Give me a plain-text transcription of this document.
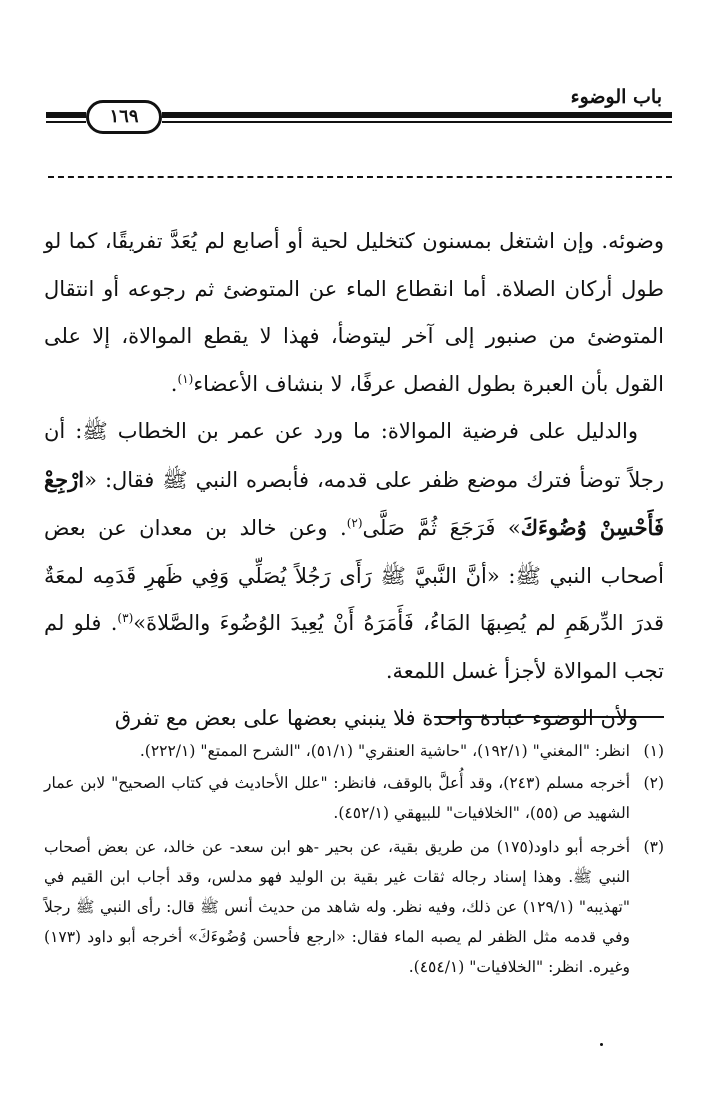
باب الوضوء
١٦٩

وضوئه. وإن اشتغل بمسنون كتخليل لحية أو أصابع لم يُعَدَّ تفريقًا، كما لو طول أركان الصلاة. أما انقطاع الماء عن المتوضئ ثم رجوعه أو انتقال المتوضئ من صنبور إلى آخر ليتوضأ، فهذا لا يقطع الموالاة، إلا على القول بأن العبرة بطول الفصل عرفًا، لا بنشاف الأعضاء$^{(١)}$.

والدليل على فرضية الموالاة: ما ورد عن عمر بن الخطاب ﷺ: أن رجلاً توضأ فترك موضع ظفر على قدمه، فأبصره النبي ﷺ فقال: «ارْجِعْ فَأَحْسِنْ وُضُوءَكَ» فَرَجَعَ ثُمَّ صَلَّى$^{(٢)}$. وعن خالد بن معدان عن بعض أصحاب النبي ﷺ: «أنَّ النَّبيَّ ﷺ رَأَى رَجُلاً يُصَلِّي وَفِي ظَهرِ قَدَمِه لمعَةٌ قدرَ الدِّرهَمِ لم يُصِبهَا المَاءُ، فَأَمَرَهُ أَنْ يُعِيدَ الوُضُوءَ والصَّلاةَ»$^{(٣)}$. فلو لم تجب الموالاة لأجزأ غسل اللمعة.

ولأن الوضوء عبادة واحدة فلا ينبني بعضها على بعض مع تفرق

(١)
انظر: "المغني" (١٩٢/١)، "حاشية العنقري" (٥١/١)، "الشرح الممتع" (٢٢٢/١).
(٢)
أخرجه مسلم (٢٤٣)، وقد أُعلَّ بالوقف، فانظر: "علل الأحاديث في كتاب الصحيح" لابن عمار الشهيد ص (٥٥)، "الخلافيات" للبيهقي (٤٥٢/١).
(٣)
أخرجه أبو داود(١٧٥) من طريق بقية، عن بحير -هو ابن سعد- عن خالد، عن بعض أصحاب النبي ﷺ. وهذا إسناد رجاله ثقات غير بقية بن الوليد فهو مدلس، وقد أجاب ابن القيم في "تهذيبه" (١٢٩/١) عن ذلك، وفيه نظر. وله شاهد من حديث أنس ﷺ قال: رأى النبي ﷺ رجلاً وفي قدمه مثل الظفر لم يصبه الماء فقال: «ارجع فأحسن وُضُوءَكَ» أخرجه أبو داود (١٧٣) وغيره. انظر: "الخلافيات" (٤٥٤/١).
